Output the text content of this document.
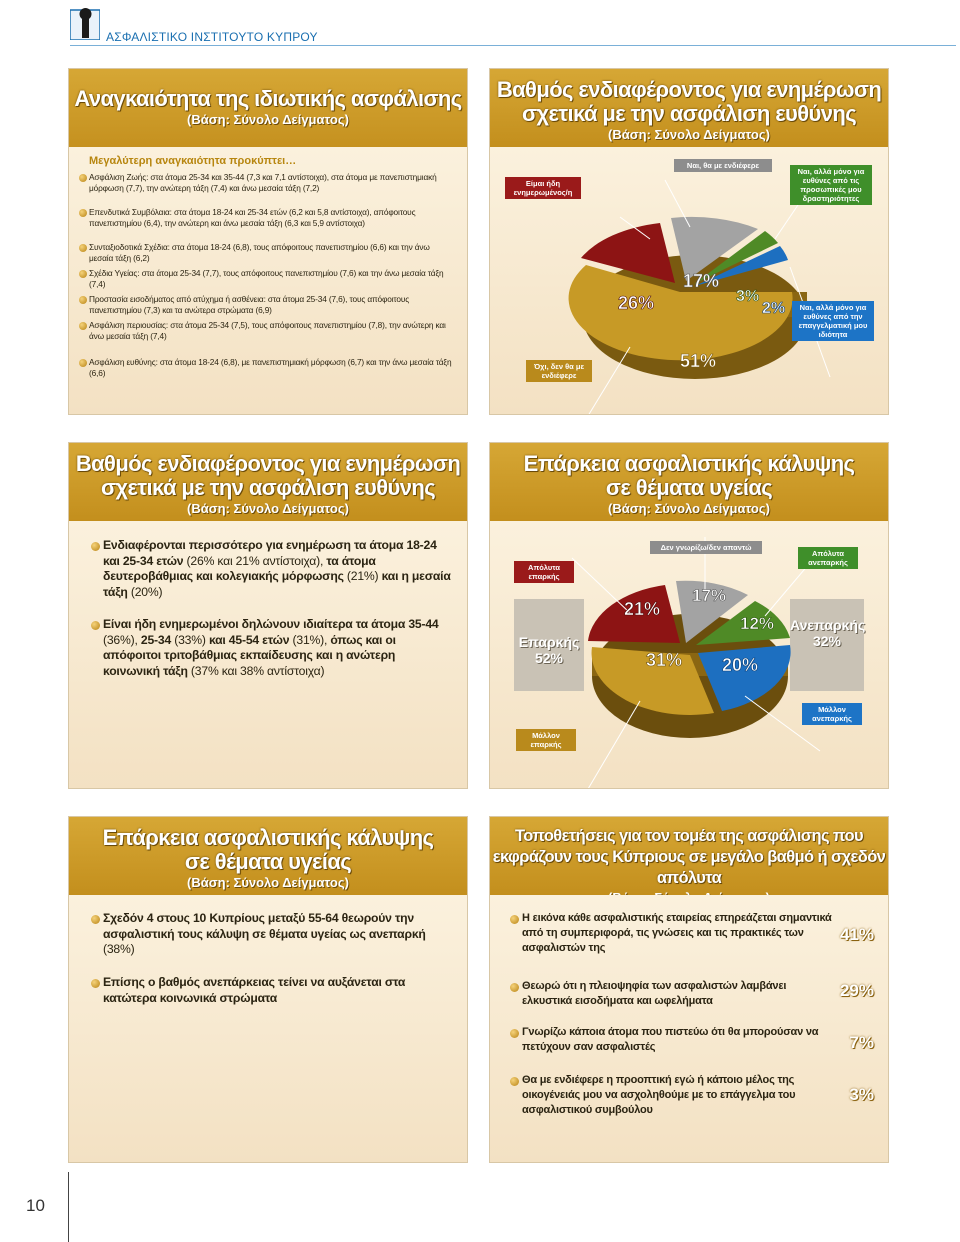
ΑΣΦΑΛΙΣΤΙΚΟ ΙΝΣΤΙΤΟΥΤΟ ΚΥΠΡΟΥ
Αναγκαιότητα της ιδιωτικής ασφάλισης
(Βάση: Σύνολο Δείγματος)
Μεγαλύτερη αναγκαιότητα προκύπτει…
Ασφάλιση Ζωής: στα άτομα 25-34 και 35-44 (7,3 και 7,1 αντίστοιχα), στα άτομα με πανεπιστημιακή μόρφωση (7,7), την ανώτερη τάξη (7,4) και άνω μεσαία τάξη (7,2)
Επενδυτικά Συμβόλαια: στα άτομα 18-24 και 25-34 ετών (6,2 και 5,8 αντίστοιχα), απόφοιτους πανεπιστημίου (6,4), την ανώτερη και άνω μεσαία τάξη (6,3 και 5,9 αντίστοιχα)
Συνταξιοδοτικά Σχέδια: στα άτομα 18-24 (6,8), τους απόφοιτους πανεπιστημίου (6,6) και την άνω μεσαία τάξη (6,2)
Σχέδια Υγείας: στα άτομα 25-34 (7,7), τους απόφοιτους πανεπιστημίου (7,6) και την άνω μεσαία τάξη (7,4)
Προστασία εισοδήματος από ατύχημα ή ασθένεια: στα άτομα 25-34 (7,6), τους απόφοιτους πανεπιστημίου (7,3) και τα ανώτερα στρώματα (6,9)
Ασφάλιση περιουσίας: στα άτομα 25-34 (7,5), τους απόφοιτους πανεπιστημίου (7,8), την ανώτερη και άνω μεσαία τάξη (7,4)
Ασφάλιση ευθύνης: στα άτομα 18-24 (6,8), με πανεπιστημιακή μόρφωση (6,7) και την άνω μεσαία τάξη (6,6)
Βαθμός ενδιαφέροντος για ενημέρωση
σχετικά με την ασφάλιση ευθύνης
(Βάση: Σύνολο Δείγματος)
51%
26%
17%
3%
2%
Είμαι ήδη ενημερωμένος/η
Ναι, θα με ενδιέφερε
Ναι, αλλά μόνο για ευθύνες από τις προσωπικές μου δραστηριότητες
Ναι, αλλά μόνο για ευθύνες από την επαγγελματική μου ιδιότητα
Όχι, δεν θα με ενδιέφερε
Βαθμός ενδιαφέροντος για ενημέρωση
σχετικά με την ασφάλιση ευθύνης
(Βάση: Σύνολο Δείγματος)
Ενδιαφέρονται περισσότερο για ενημέρωση τα άτομα 18-24 και 25-34 ετών (26% και 21% αντίστοιχα), τα άτομα δευτεροβάθμιας και κολεγιακής μόρφωσης (21%) και η μεσαία τάξη (20%)
Είναι ήδη ενημερωμένοι δηλώνουν ιδιαίτερα τα άτομα 35-44 (36%), 25-34 (33%) και 45-54 ετών (31%), όπως και οι απόφοιτοι τριτοβάθμιας εκπαίδευσης και η ανώτερη κοινωνική τάξη (37% και 38% αντίστοιχα)
Επάρκεια ασφαλιστικής κάλυψης
σε θέματα υγείας
(Βάση: Σύνολο Δείγματος)
31%
21%
17%
12%
20%
Επαρκής
52%
Ανεπαρκής
32%
Απόλυτα επαρκής
Δεν γνωρίζω/δεν απαντώ
Απόλυτα ανεπαρκής
Μάλλον ανεπαρκής
Μάλλον επαρκής
Επάρκεια ασφαλιστικής κάλυψης
σε θέματα υγείας
(Βάση: Σύνολο Δείγματος)
Σχεδόν 4 στους 10 Κυπρίους μεταξύ 55-64 θεωρούν την ασφαλιστική τους κάλυψη σε θέματα υγείας ως ανεπαρκή (38%)
Επίσης ο βαθμός ανεπάρκειας τείνει να αυξάνεται στα κατώτερα κοινωνικά στρώματα
Τοποθετήσεις για τον τομέα της ασφάλισης που
εκφράζουν τους Κύπριους σε μεγάλο βαθμό ή σχεδόν απόλυτα
Η εικόνα κάθε ασφαλιστικής εταιρείας επηρεάζεται σημαντικά από τη συμπεριφορά, τις γνώσεις και τις πρακτικές των ασφαλιστών της
41%
Θεωρώ ότι η πλειοψηφία των ασφαλιστών λαμβάνει ελκυστικά εισοδήματα και ωφελήματα
29%
Γνωρίζω κάποια άτομα που πιστεύω ότι θα μπορούσαν να πετύχουν σαν ασφαλιστές	7%
Θα με ενδιέφερε η προοπτική εγώ ή κάποιο μέλος της οικογένειάς μου να ασχοληθούμε με το επάγγελμα του ασφαλιστικού συμβούλου
3%
10
